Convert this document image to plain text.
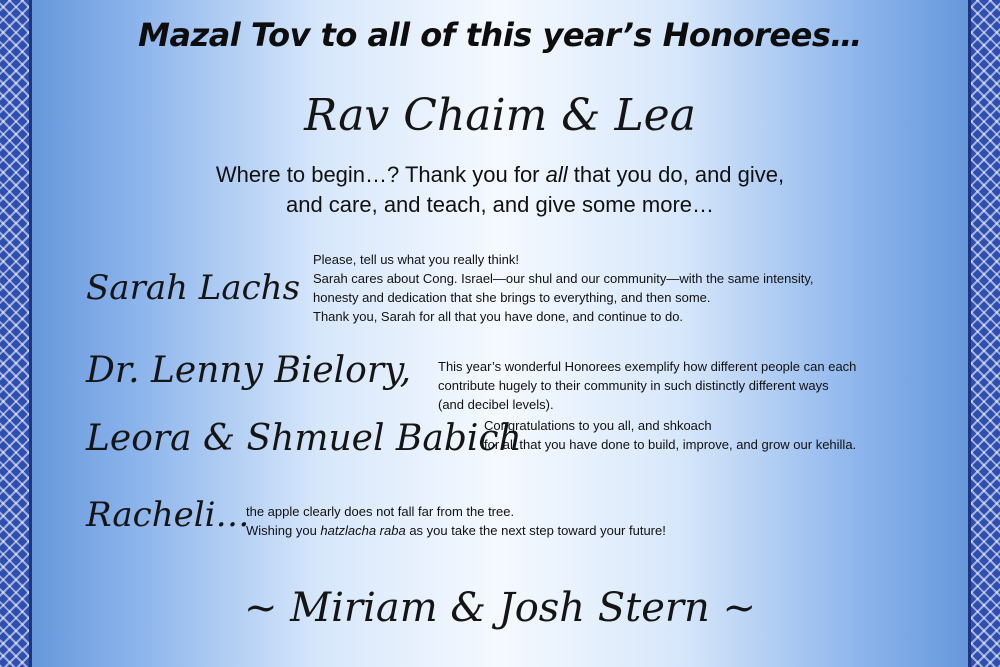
Mazal Tov to all of this year’s Honorees…
Rav Chaim & Lea
Where to begin…? Thank you for all that you do, and give,
and care, and teach, and give some more…
Sarah Lachs
Please, tell us what you really think!
Sarah cares about Cong. Israel—our shul and our community—with the same intensity,
honesty and dedication that she brings to everything, and then some.
Thank you, Sarah for all that you have done, and continue to do.
Dr. Lenny Bielory, This year’s wonderful Honorees exemplify how different people can each
contribute hugely to their community in such distinctly different ways
(and decibel levels).
Leora & Shmuel Babich
Congratulations to you all, and shkoach
for all that you have done to build, improve, and grow our kehilla.
Racheli…
the apple clearly does not fall far from the tree.
Wishing you hatzlacha raba as you take the next step toward your future!
~ Miriam & Josh Stern ~
